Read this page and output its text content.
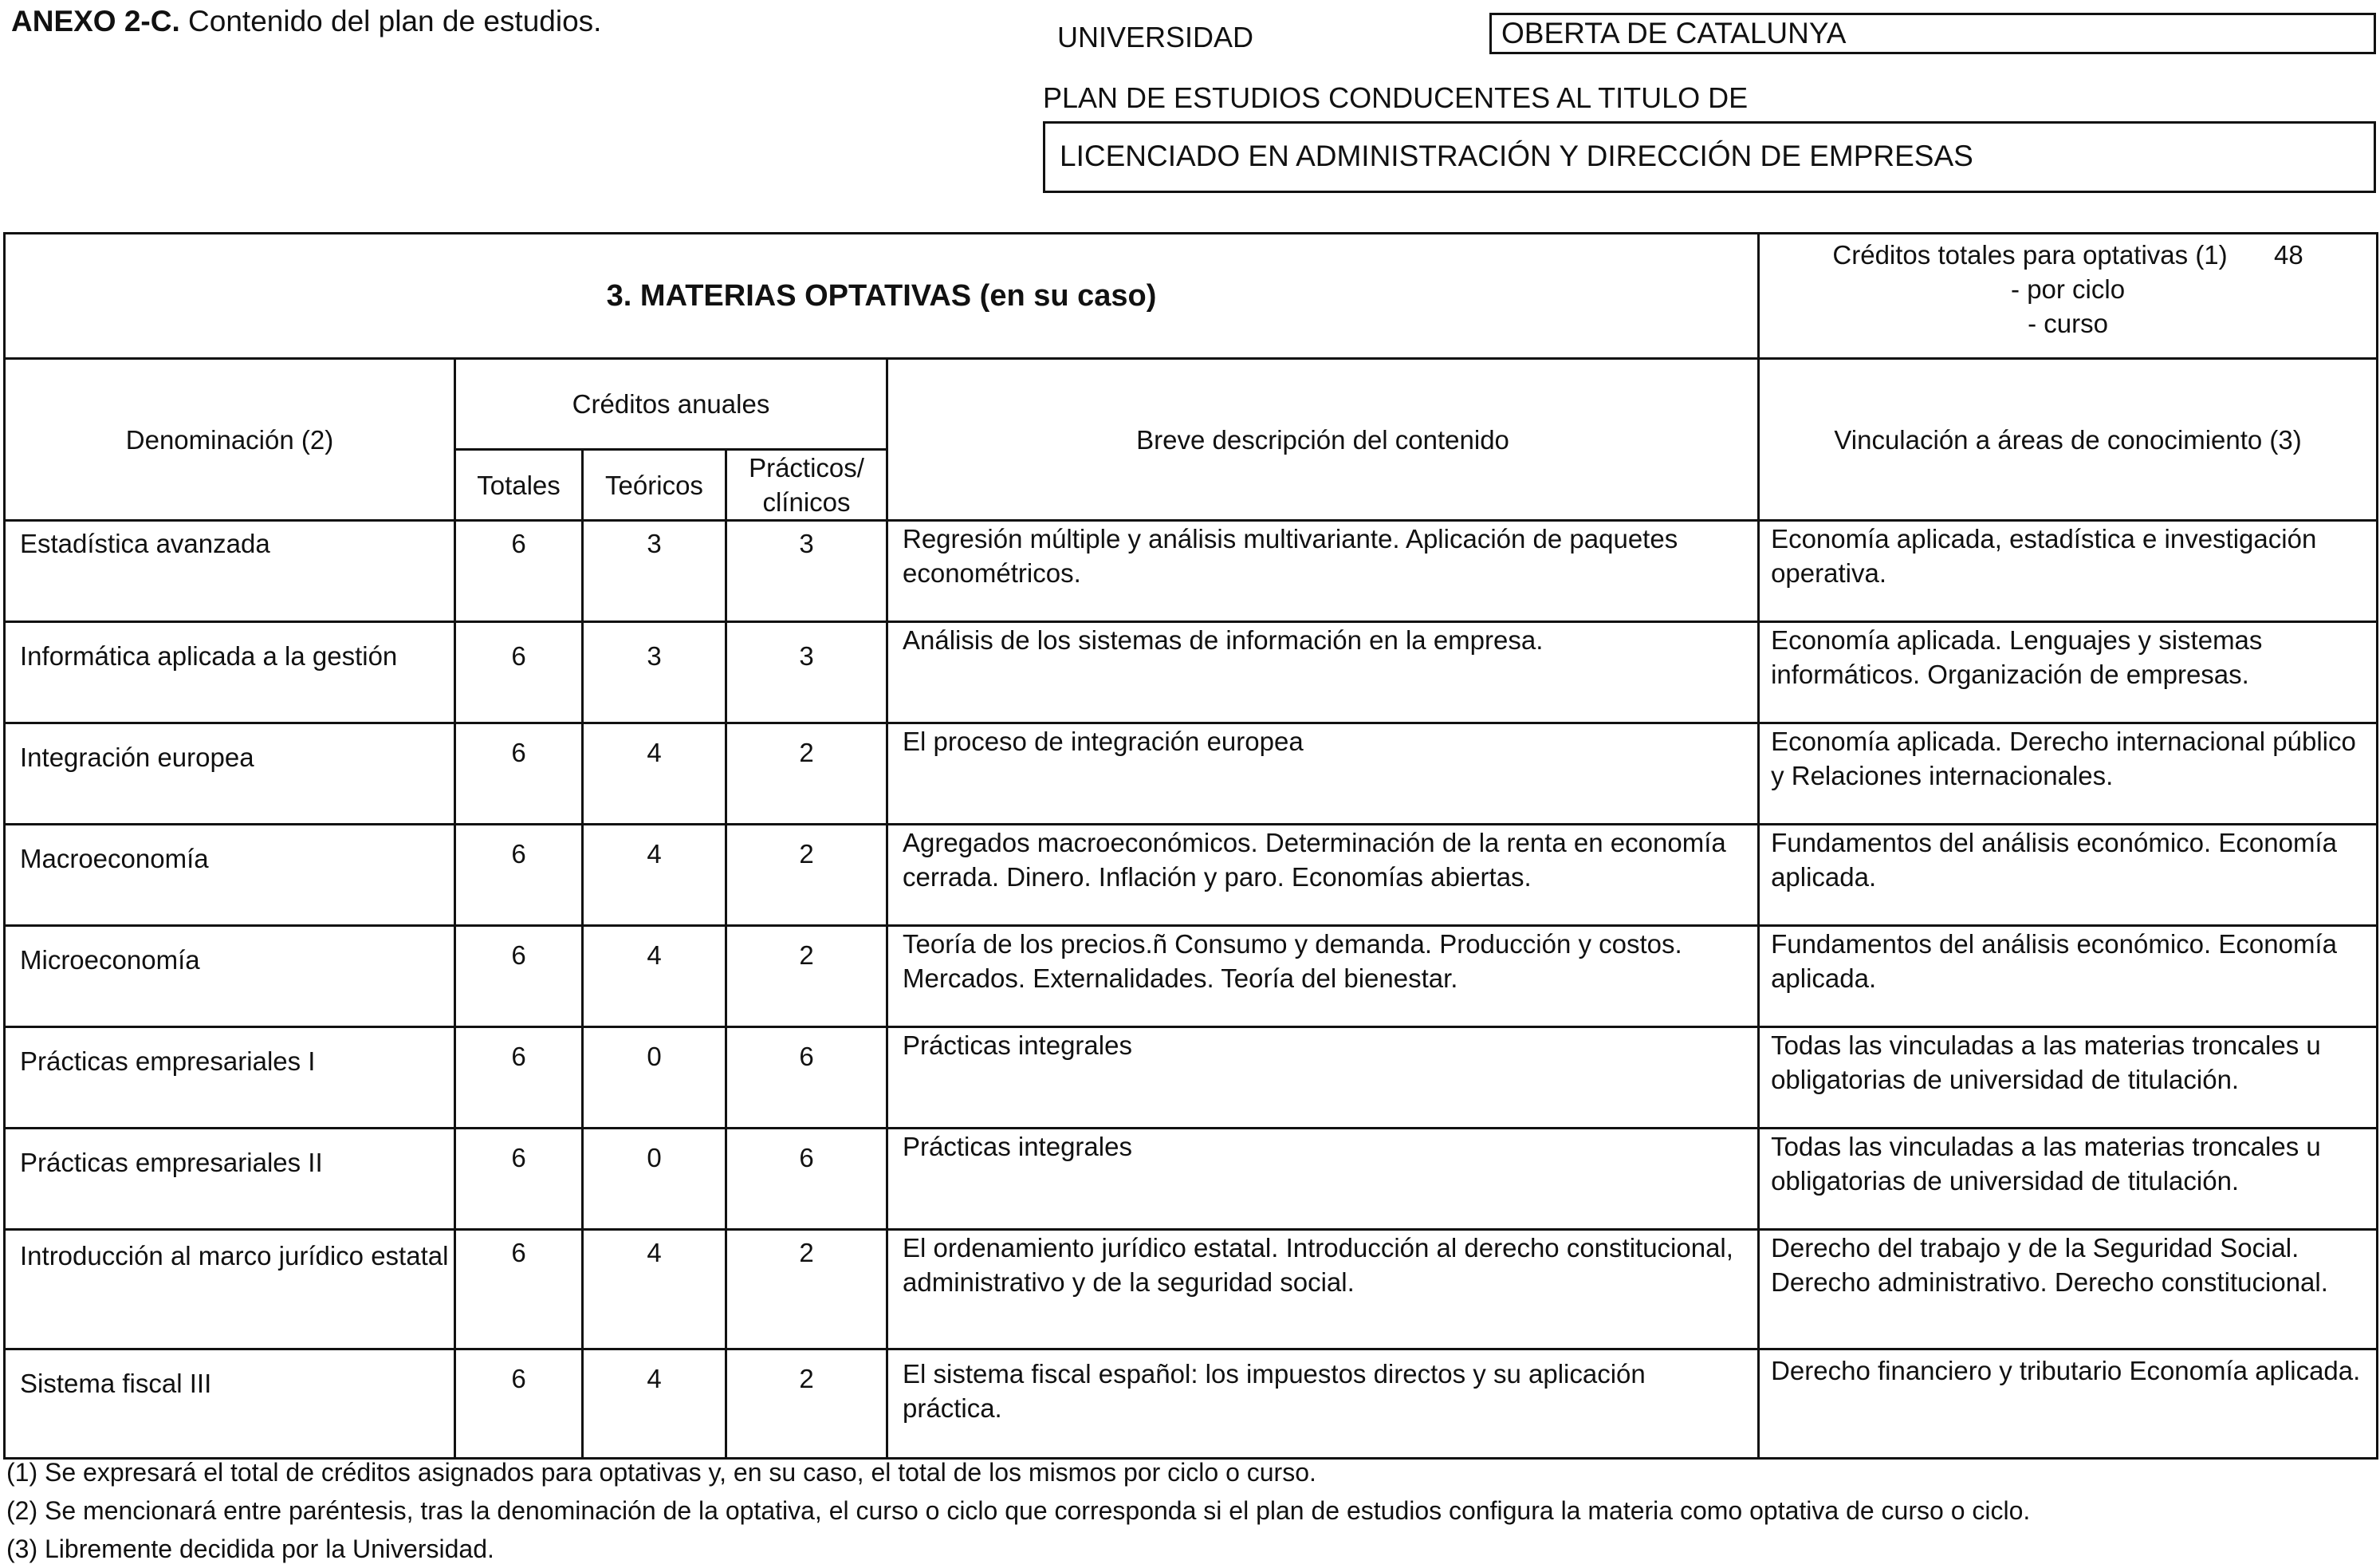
ANEXO 2-C. Contenido del plan de estudios.	UNIVERSIDAD	OBERTA DE CATALUNYA
PLAN DE ESTUDIOS CONDUCENTES AL TITULO DE
LICENCIADO EN ADMINISTRACIÓN Y DIRECCIÓN DE EMPRESAS
3. MATERIAS OPTATIVAS (en su caso)					Créditos totales para optativas (1) 48
- por ciclo
- curso

Denominación (2)	Créditos anuales			Breve descripción del contenido	Vinculación a áreas de conocimiento (3)
	Totales	Teóricos	Prácticos/
clínicos		

Estadística avanzada	6	3	3	Regresión múltiple y análisis multivariante. Aplicación de paquetes econométricos.	Economía aplicada, estadística e investigación operativa.
Informática aplicada a la gestión	6	3	3	Análisis de los sistemas de información en la empresa.	Economía aplicada. Lenguajes y sistemas informáticos. Organización de empresas.
Integración europea	6	4	2	El proceso de integración europea	Economía aplicada. Derecho internacional público y Relaciones internacionales.
Macroeconomía	6	4	2	Agregados macroeconómicos. Determinación de la renta en economía cerrada. Dinero. Inflación y paro. Economías abiertas.	Fundamentos del análisis económico. Economía aplicada.
Microeconomía	6	4	2	Teoría de los precios.ñ Consumo y demanda. Producción y costos. Mercados. Externalidades. Teoría del bienestar.	Fundamentos del análisis económico. Economía aplicada.
Prácticas empresariales I	6	0	6	Prácticas integrales	Todas las vinculadas a las materias troncales u obligatorias de universidad de titulación.
Prácticas empresariales II	6	0	6	Prácticas integrales	Todas las vinculadas a las materias troncales u obligatorias de universidad de titulación.
Introducción al marco jurídico estatal	6	4	2	El ordenamiento jurídico estatal. Introducción al derecho constitucional, administrativo y de la seguridad social.	Derecho del trabajo y de la Seguridad Social. Derecho administrativo. Derecho constitucional.
Sistema fiscal III	6	4	2	El sistema fiscal español: los impuestos directos y su aplicación práctica.	Derecho financiero y tributario Economía aplicada.
(1) Se expresará el total de créditos asignados para optativas y, en su caso, el total de los mismos por ciclo o curso.
(2) Se mencionará entre paréntesis, tras la denominación de la optativa, el curso o ciclo que corresponda si el plan de estudios configura la materia como optativa de curso o ciclo.
(3) Libremente decidida por la Universidad.
